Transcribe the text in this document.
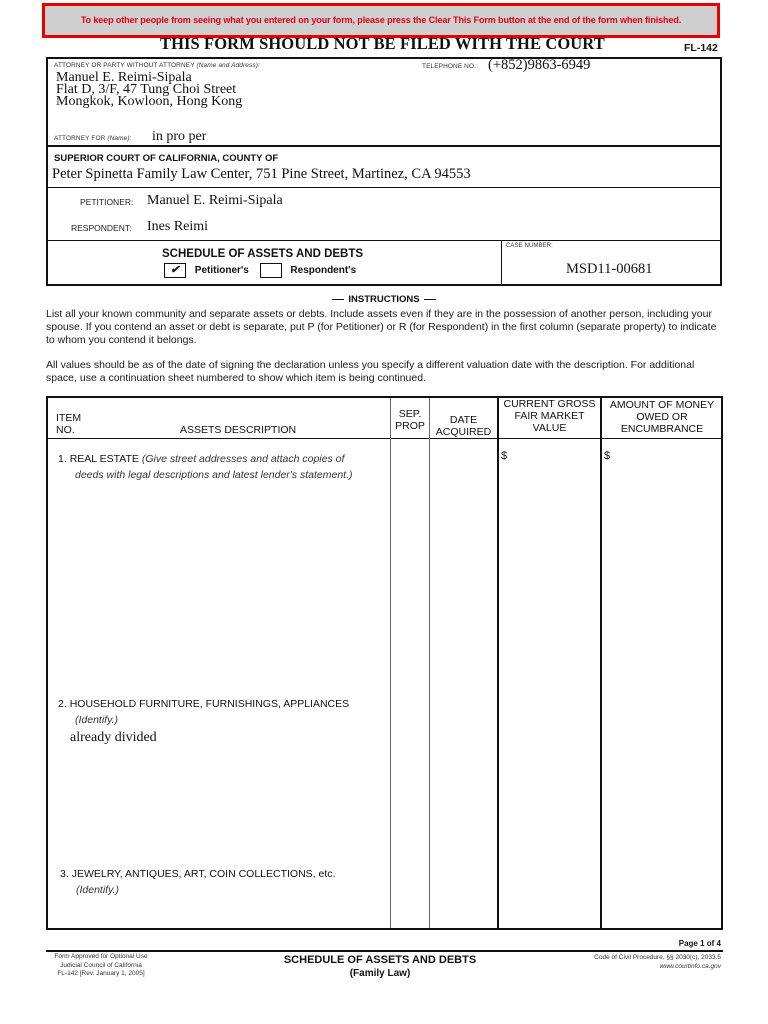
To keep other people from seeing what you entered on your form, please press the Clear This Form button at the end of the form when finished.
THIS FORM SHOULD NOT BE FILED WITH THE COURT	FL-142
ATTORNEY OR PARTY WITHOUT ATTORNEY (Name and Address):
Manuel E. Reimi-Sipala
Flat D, 3/F, 47 Tung Choi Street
Mongkok, Kowloon, Hong Kong
TELEPHONE NO.: (+852)9863-6949
ATTORNEY FOR (Name): in pro per
SUPERIOR COURT OF CALIFORNIA, COUNTY OF
Peter Spinetta Family Law Center, 751 Pine Street, Martinez, CA 94553
PETITIONER: Manuel E. Reimi-Sipala
RESPONDENT: Ines Reimi
SCHEDULE OF ASSETS AND DEBTS
✔ Petitioner's	Respondent's
CASE NUMBER:
MSD11-00681
INSTRUCTIONS
List all your known community and separate assets or debts. Include assets even if they are in the possession of another person, including your spouse. If you contend an asset or debt is separate, put P (for Petitioner) or R (for Respondent) in the first column (separate property) to indicate to whom you contend it belongs.
All values should be as of the date of signing the declaration unless you specify a different valuation date with the description. For additional space, use a continuation sheet numbered to show which item is being continued.
ITEM
NO.	ASSETS DESCRIPTION
SEP.
PROP	DATE
ACQUIRED
CURRENT GROSS
FAIR MARKET
VALUE
AMOUNT OF MONEY
OWED OR
ENCUMBRANCE
1. REAL ESTATE (Give street addresses and attach copies of
deeds with legal descriptions and latest lender's statement.)
$	$
2. HOUSEHOLD FURNITURE, FURNISHINGS, APPLIANCES
(Identify.)
already divided
3. JEWELRY, ANTIQUES, ART, COIN COLLECTIONS, etc.
(Identify.)
Page 1 of 4
Form Approved for Optional Use
Judicial Council of California
FL-142 [Rev. January 1, 2005]
SCHEDULE OF ASSETS AND DEBTS
(Family Law)
Code of Civil Procedure, §§ 2030(c), 2033.5
www.courtinfo.ca.gov
